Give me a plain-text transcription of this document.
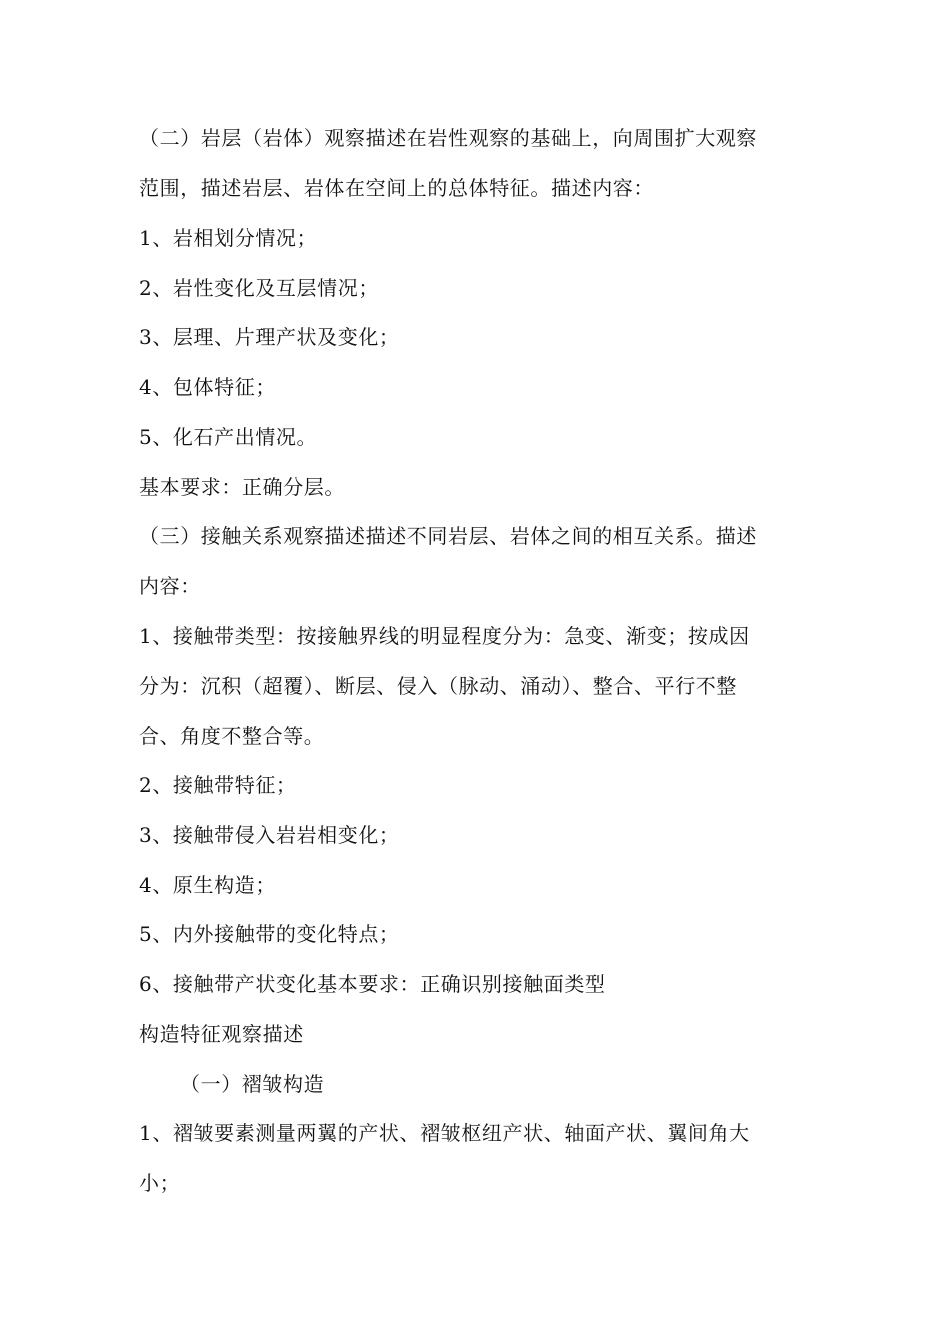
（二）岩层（岩体）观察描述在岩性观察的基础上，向周围扩大观察
范围，描述岩层、岩体在空间上的总体特征。描述内容：
1、岩相划分情况；
2、岩性变化及互层情况；
3、层理、片理产状及变化；
4、包体特征；
5、化石产出情况。
基本要求：正确分层。
（三）接触关系观察描述描述不同岩层、岩体之间的相互关系。描述
内容：
1、接触带类型：按接触界线的明显程度分为：急变、渐变；按成因
分为：沉积（超覆）、断层、侵入（脉动、涌动）、整合、平行不整
合、角度不整合等。
2、接触带特征；
3、接触带侵入岩岩相变化；
4、原生构造；
5、内外接触带的变化特点；
6、接触带产状变化基本要求：正确识别接触面类型
构造特征观察描述
（一）褶皱构造
1、褶皱要素测量两翼的产状、褶皱枢纽产状、轴面产状、翼间角大
小；
